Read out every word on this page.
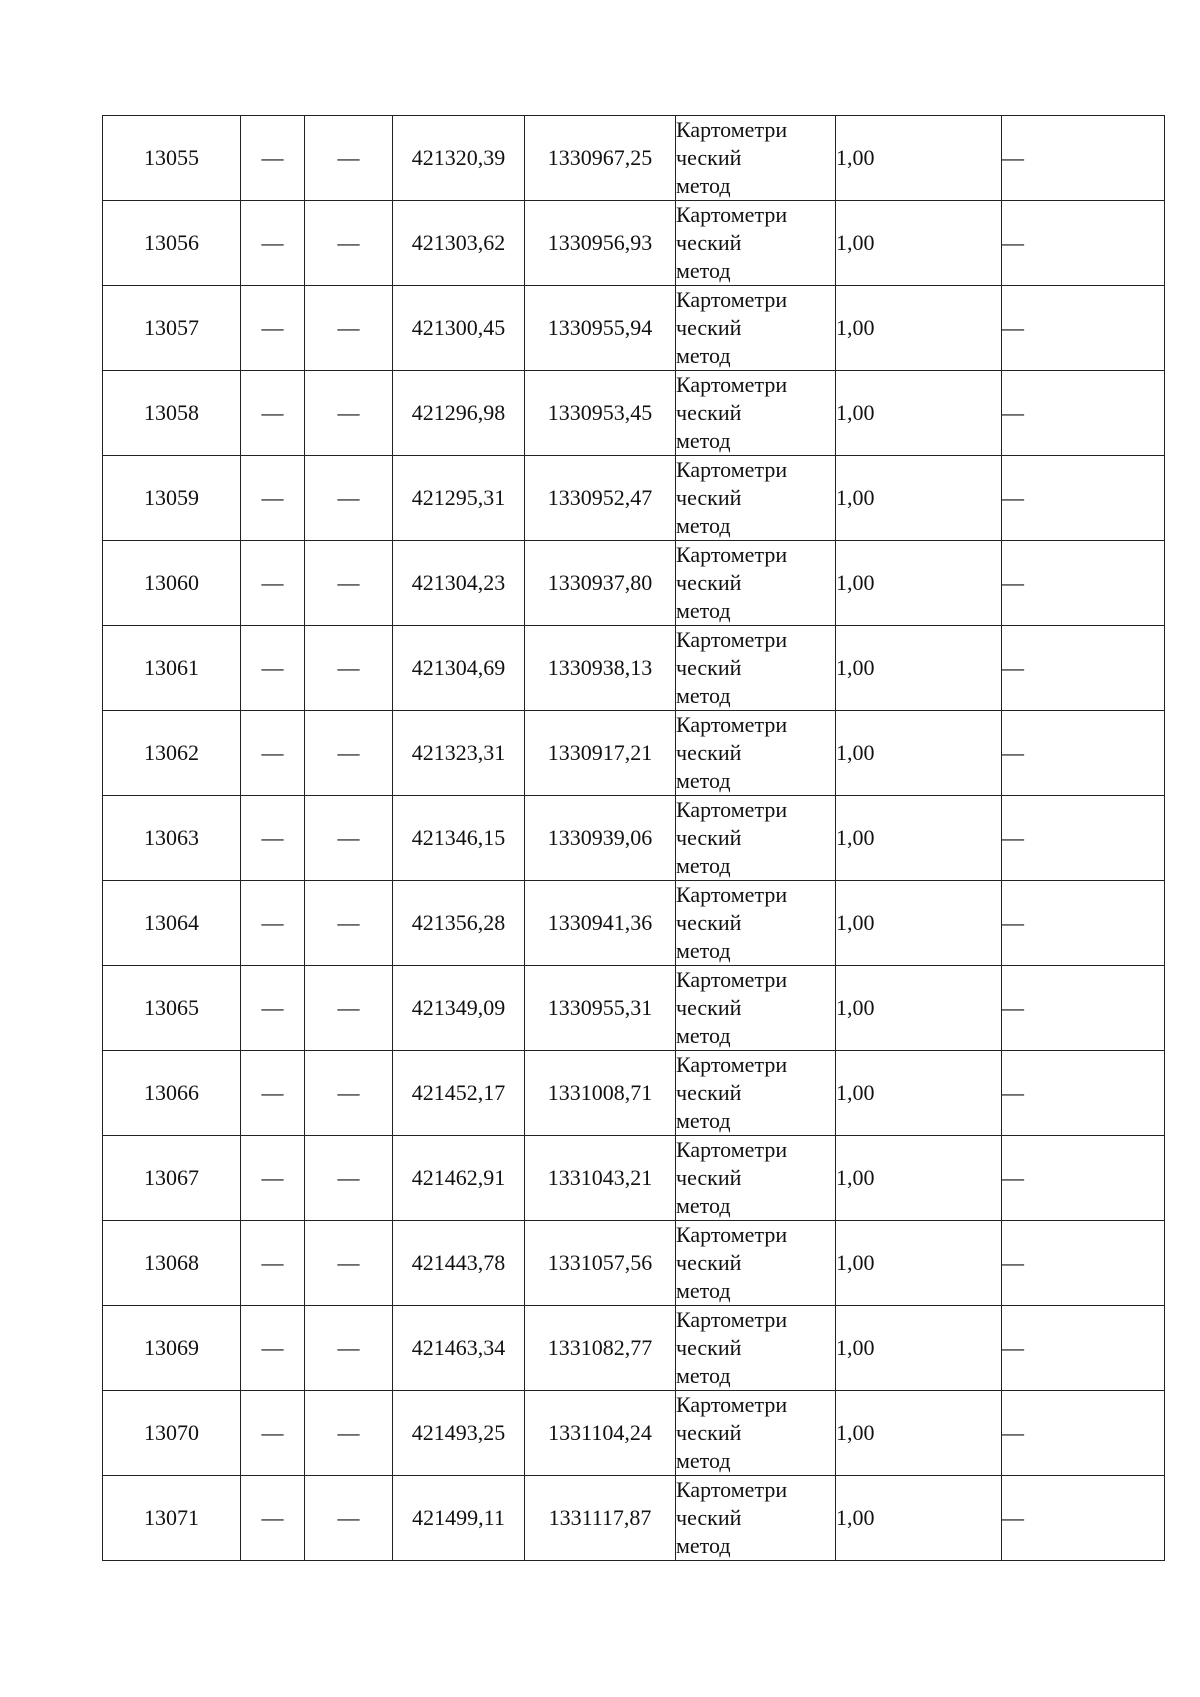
13055	—	—	421320,39	1330967,25	Картометри
ческий
метод	1,00	—
13056	—	—	421303,62	1330956,93	Картометри
ческий
метод	1,00	—
13057	—	—	421300,45	1330955,94	Картометри
ческий
метод	1,00	—
13058	—	—	421296,98	1330953,45	Картометри
ческий
метод	1,00	—
13059	—	—	421295,31	1330952,47	Картометри
ческий
метод	1,00	—
13060	—	—	421304,23	1330937,80	Картометри
ческий
метод	1,00	—
13061	—	—	421304,69	1330938,13	Картометри
ческий
метод	1,00	—
13062	—	—	421323,31	1330917,21	Картометри
ческий
метод	1,00	—
13063	—	—	421346,15	1330939,06	Картометри
ческий
метод	1,00	—
13064	—	—	421356,28	1330941,36	Картометри
ческий
метод	1,00	—
13065	—	—	421349,09	1330955,31	Картометри
ческий
метод	1,00	—
13066	—	—	421452,17	1331008,71	Картометри
ческий
метод	1,00	—
13067	—	—	421462,91	1331043,21	Картометри
ческий
метод	1,00	—
13068	—	—	421443,78	1331057,56	Картометри
ческий
метод	1,00	—
13069	—	—	421463,34	1331082,77	Картометри
ческий
метод	1,00	—
13070	—	—	421493,25	1331104,24	Картометри
ческий
метод	1,00	—
13071	—	—	421499,11	1331117,87	Картометри
ческий
метод	1,00	—
